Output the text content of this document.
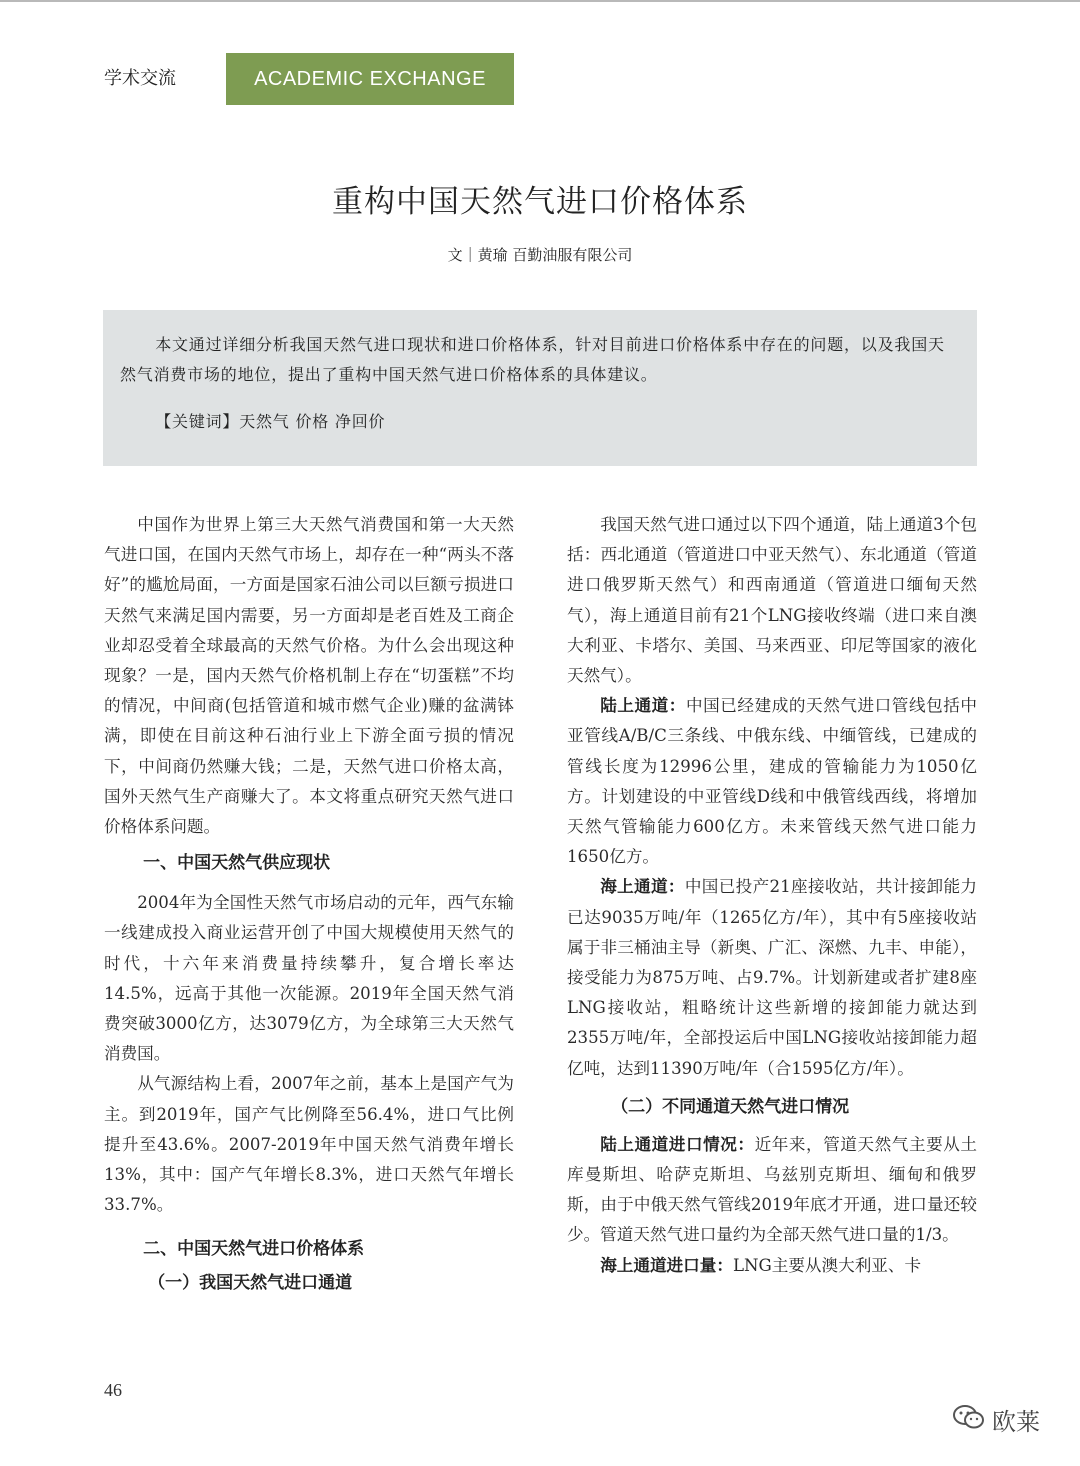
学术交流	ACADEMIC EXCHANGE
重构中国天然气进口价格体系
文｜黄瑜 百勤油服有限公司

本文通过详细分析我国天然气进口现状和进口价格体系，针对目前进口价格体系中存在的问题，以及我国天然气消费市场的地位，提出了重构中国天然气进口价格体系的具体建议。

【关键词】天然气 价格 净回价

中国作为世界上第三大天然气消费国和第一大天然气进口国，在国内天然气市场上，却存在一种“两头不落好”的尴尬局面，一方面是国家石油公司以巨额亏损进口天然气来满足国内需要，另一方面却是老百姓及工商企业却忍受着全球最高的天然气价格。为什么会出现这种现象？一是，国内天然气价格机制上存在“切蛋糕”不均的情况，中间商(包括管道和城市燃气企业)赚的盆满钵满，即使在目前这种石油行业上下游全面亏损的情况下，中间商仍然赚大钱；二是，天然气进口价格太高，国外天然气生产商赚大了。本文将重点研究天然气进口价格体系问题。

一、中国天然气供应现状

2004年为全国性天然气市场启动的元年，西气东输一线建成投入商业运营开创了中国大规模使用天然气的时代，十六年来消费量持续攀升，复合增长率达14.5%，远高于其他一次能源。2019年全国天然气消费突破3000亿方，达3079亿方，为全球第三大天然气消费国。

从气源结构上看，2007年之前，基本上是国产气为主。到2019年，国产气比例降至56.4%，进口气比例提升至43.6%。2007-2019年中国天然气消费年增长13%，其中：国产气年增长8.3%，进口天然气年增长33.7%。

二、中国天然气进口价格体系

（一）我国天然气进口通道

我国天然气进口通过以下四个通道，陆上通道3个包括：西北通道（管道进口中亚天然气）、东北通道（管道进口俄罗斯天然气）和西南通道（管道进口缅甸天然气），海上通道目前有21个LNG接收终端（进口来自澳大利亚、卡塔尔、美国、马来西亚、印尼等国家的液化天然气）。

陆上通道：中国已经建成的天然气进口管线包括中亚管线A/B/C三条线、中俄东线、中缅管线，已建成的管线长度为12996公里，建成的管输能力为1050亿方。计划建设的中亚管线D线和中俄管线西线，将增加天然气管输能力600亿方。未来管线天然气进口能力1650亿方。

海上通道：中国已投产21座接收站，共计接卸能力已达9035万吨/年（1265亿方/年），其中有5座接收站属于非三桶油主导（新奥、广汇、深燃、九丰、申能），接受能力为875万吨、占9.7%。计划新建或者扩建8座LNG接收站，粗略统计这些新增的接卸能力就达到2355万吨/年，全部投运后中国LNG接收站接卸能力超亿吨，达到11390万吨/年（合1595亿方/年）。

（二）不同通道天然气进口情况

陆上通道进口情况：近年来，管道天然气主要从土库曼斯坦、哈萨克斯坦、乌兹别克斯坦、缅甸和俄罗斯，由于中俄天然气管线2019年底才开通，进口量还较少。管道天然气进口量约为全部天然气进口量的1/3。

海上通道进口量：LNG主要从澳大利亚、卡

46
欧莱
